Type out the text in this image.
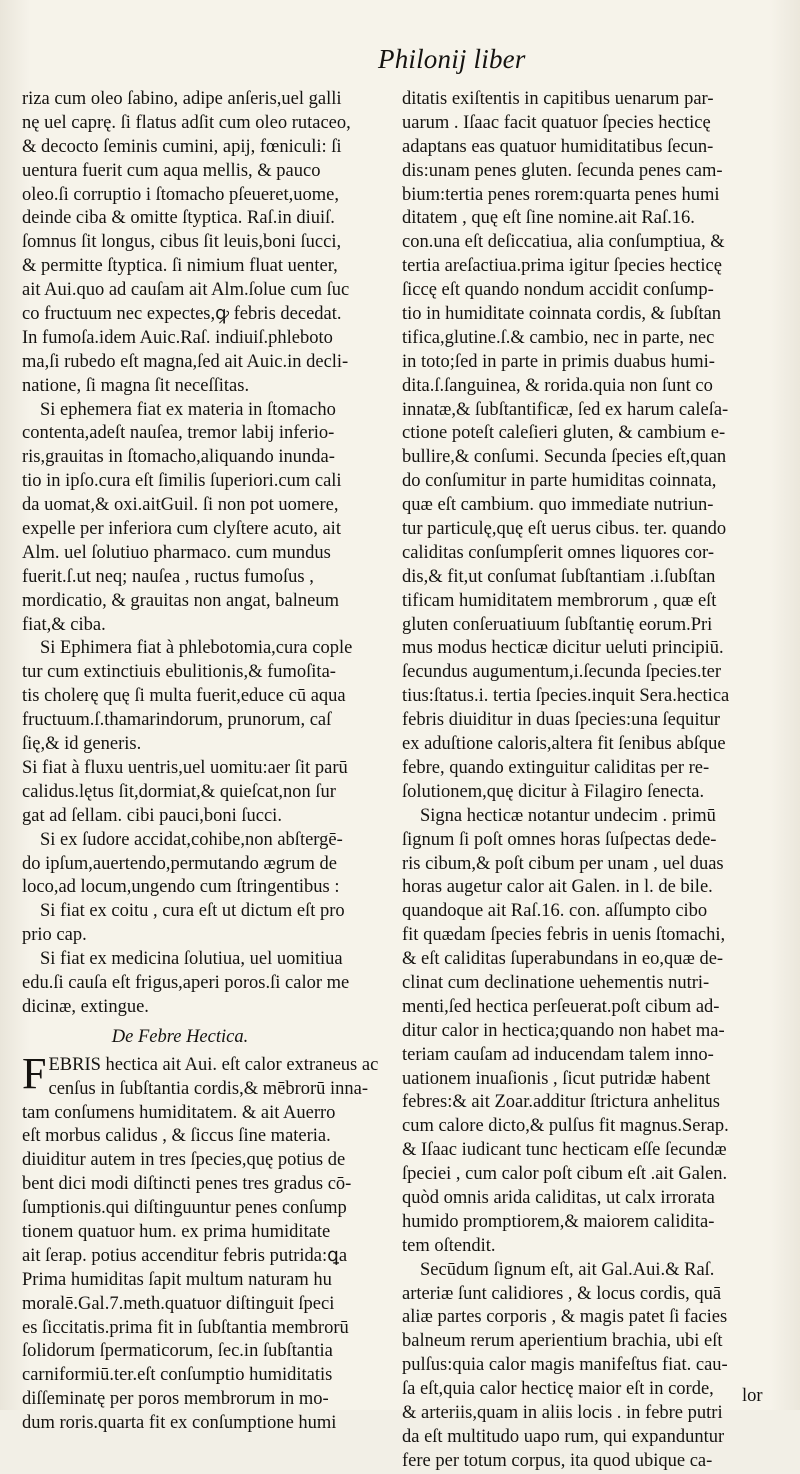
Philonij liber
riza cum oleo ſabino, adipe anſeris,uel galli
nę uel caprę. ſi flatus adſit cum oleo rutaceo,
& decocto ſeminis cumini, apij, fœniculi: ſi
uentura fuerit cum aqua mellis, & pauco
oleo.ſi corruptio i ſtomacho pſeueret,uome,
deinde ciba & omitte ſtyptica. Raſ.in diuiſ.
ſomnus ſit longus, cibus ſit leuis,boni ſucci,
& permitte ſtyptica. ſi nimium fluat uenter,
ait Aui.quo ad cauſam ait Alm.ſolue cum ſuc
co fructuum nec expectes,ꝙ febris decedat.
In fumoſa.idem Auic.Raſ. indiuiſ.phleboto
ma,ſi rubedo eſt magna,ſed ait Auic.in decli-
natione, ſi magna ſit neceſſitas.
Si ephemera fiat ex materia in ſtomacho
contenta,adeſt nauſea, tremor labij inferio-
ris,grauitas in ſtomacho,aliquando inunda-
tio in ipſo.cura eſt ſimilis ſuperiori.cum cali
da uomat,& oxi.aitGuil. ſi non pot uomere,
expelle per inferiora cum clyſtere acuto, ait
Alm. uel ſolutiuo pharmaco. cum mundus
fuerit.ſ.ut neq; nauſea , ructus fumoſus ,
mordicatio, & grauitas non angat, balneum
fiat,& ciba.
Si Ephimera fiat à phlebotomia,cura cople
tur cum extinctiuis ebulitionis,& fumoſita-
tis cholerę quę ſi multa fuerit,educe cū aqua
fructuum.ſ.thamarindorum, prunorum, caſ
ſię,& id generis.
Si fiat à fluxu uentris,uel uomitu:aer ſit parū
calidus.lętus ſit,dormiat,& quieſcat,non ſur
gat ad ſellam. cibi pauci,boni ſucci.
Si ex ſudore accidat,cohibe,non abſtergē-
do ipſum,auertendo,permutando ægrum de
loco,ad locum,ungendo cum ſtringentibus :
Si fiat ex coitu , cura eſt ut dictum eſt pro
prio cap.
Si fiat ex medicina ſolutiua, uel uomitiua
edu.ſi cauſa eſt frigus,aperi poros.ſi calor me
dicinæ, extingue.
De Febre Hectica.
FEBRIS hectica ait Aui. eſt calor extraneus ac
cenſus in ſubſtantia cordis,& mēbrorū inna-
tam conſumens humiditatem. & ait Auerro
eſt morbus calidus , & ſiccus ſine materia.
diuiditur autem in tres ſpecies,quę potius de
bent dici modi diſtincti penes tres gradus cō-
ſumptionis.qui diſtinguuntur penes conſump
tionem quatuor hum. ex prima humiditate
ait ſerap. potius accenditur febris putrida:ꝗa
Prima humiditas ſapit multum naturam hu
moralē.Gal.7.meth.quatuor diſtinguit ſpeci
es ſiccitatis.prima fit in ſubſtantia membrorū
ſolidorum ſpermaticorum, ſec.in ſubſtantia
carniformiū.ter.eſt conſumptio humiditatis
diſſeminatę per poros membrorum in mo-
dum roris.quarta fit ex conſumptione humi
ditatis exiſtentis in capitibus uenarum par-
uarum . Iſaac facit quatuor ſpecies hecticę
adaptans eas quatuor humiditatibus ſecun-
dis:unam penes gluten. ſecunda penes cam-
bium:tertia penes rorem:quarta penes humi
ditatem , quę eſt ſine nomine.ait Raſ.16.
con.una eſt deſiccatiua, alia conſumptiua, &
tertia areſactiua.prima igitur ſpecies hecticę
ſiccę eſt quando nondum accidit conſump-
tio in humiditate coinnata cordis, & ſubſtan
tifica,glutine.ſ.& cambio, nec in parte, nec
in toto;ſed in parte in primis duabus humi-
dita.ſ.ſanguinea, & rorida.quia non ſunt co
innatæ,& ſubſtantificæ, ſed ex harum caleſa-
ctione poteſt caleſieri gluten, & cambium e-
bullire,& conſumi. Secunda ſpecies eſt,quan
do conſumitur in parte humiditas coinnata,
quæ eſt cambium. quo immediate nutriun-
tur particulę,quę eſt uerus cibus. ter. quando
caliditas conſumpſerit omnes liquores cor-
dis,& fit,ut conſumat ſubſtantiam .i.ſubſtan
tificam humiditatem membrorum , quæ eſt
gluten conſeruatiuum ſubſtantię eorum.Pri
mus modus hecticæ dicitur ueluti principiū.
ſecundus augumentum,i.ſecunda ſpecies.ter
tius:ſtatus.i. tertia ſpecies.inquit Sera.hectica
febris diuiditur in duas ſpecies:una ſequitur
ex aduſtione caloris,altera fit ſenibus abſque
febre, quando extinguitur caliditas per re-
ſolutionem,quę dicitur à Filagiro ſenecta.
Signa hecticæ notantur undecim . primū
ſignum ſi poſt omnes horas ſuſpectas dede-
ris cibum,& poſt cibum per unam , uel duas
horas augetur calor ait Galen. in l. de bile.
quandoque ait Raſ.16. con. aſſumpto cibo
fit quædam ſpecies febris in uenis ſtomachi,
& eſt caliditas ſuperabundans in eo,quæ de-
clinat cum declinatione uehementis nutri-
menti,ſed hectica perſeuerat.poſt cibum ad-
ditur calor in hectica;quando non habet ma-
teriam cauſam ad inducendam talem inno-
uationem inuaſionis , ſicut putridæ habent
febres:& ait Zoar.additur ſtrictura anhelitus
cum calore dicto,& pulſus fit magnus.Serap.
& Iſaac iudicant tunc hecticam eſſe ſecundæ
ſpeciei , cum calor poſt cibum eſt .ait Galen.
quòd omnis arida caliditas, ut calx irrorata
humido promptiorem,& maiorem calidita-
tem oſtendit.
Secūdum ſignum eſt, ait Gal.Aui.& Raſ.
arteriæ ſunt calidiores , & locus cordis, quā
aliæ partes corporis , & magis patet ſi facies
balneum rerum aperientium brachia, ubi eſt
pulſus:quia calor magis manifeſtus fiat. cau-
ſa eſt,quia calor hecticę maior eſt in corde,
& arteriis,quam in aliis locis . in febre putri
da eſt multitudo uapo rum, qui expanduntur
fere per totum corpus, ita quod ubique ca-
lor
